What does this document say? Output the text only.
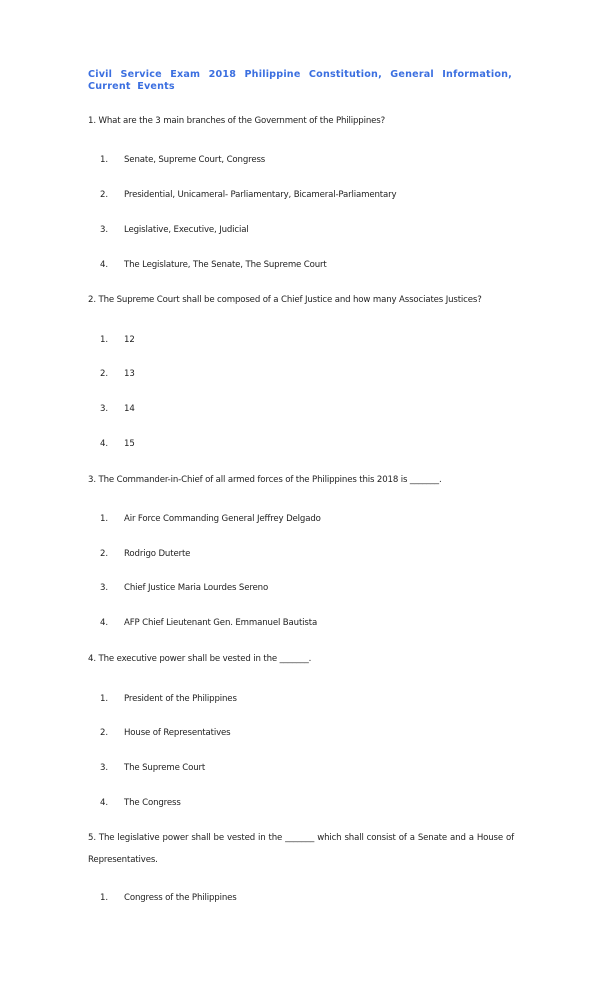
Civil Service Exam 2018 Philippine Constitution, General Information, Current Events
1. What are the 3 main branches of the Government of the Philippines?
1. Senate, Supreme Court, Congress
2. Presidential, Unicameral- Parliamentary, Bicameral-Parliamentary
3. Legislative, Executive, Judicial
4. The Legislature, The Senate, The Supreme Court
2. The Supreme Court shall be composed of a Chief Justice and how many Associates Justices?
1. 12
2. 13
3. 14
4. 15
3. The Commander-in-Chief of all armed forces of the Philippines this 2018 is _______.
1. Air Force Commanding General Jeffrey Delgado
2. Rodrigo Duterte
3. Chief Justice Maria Lourdes Sereno
4. AFP Chief Lieutenant Gen. Emmanuel Bautista
4. The executive power shall be vested in the _______.
1. President of the Philippines
2. House of Representatives
3. The Supreme Court
4. The Congress
5. The legislative power shall be vested in the _______ which shall consist of a Senate and a House of Representatives.
1. Congress of the Philippines
